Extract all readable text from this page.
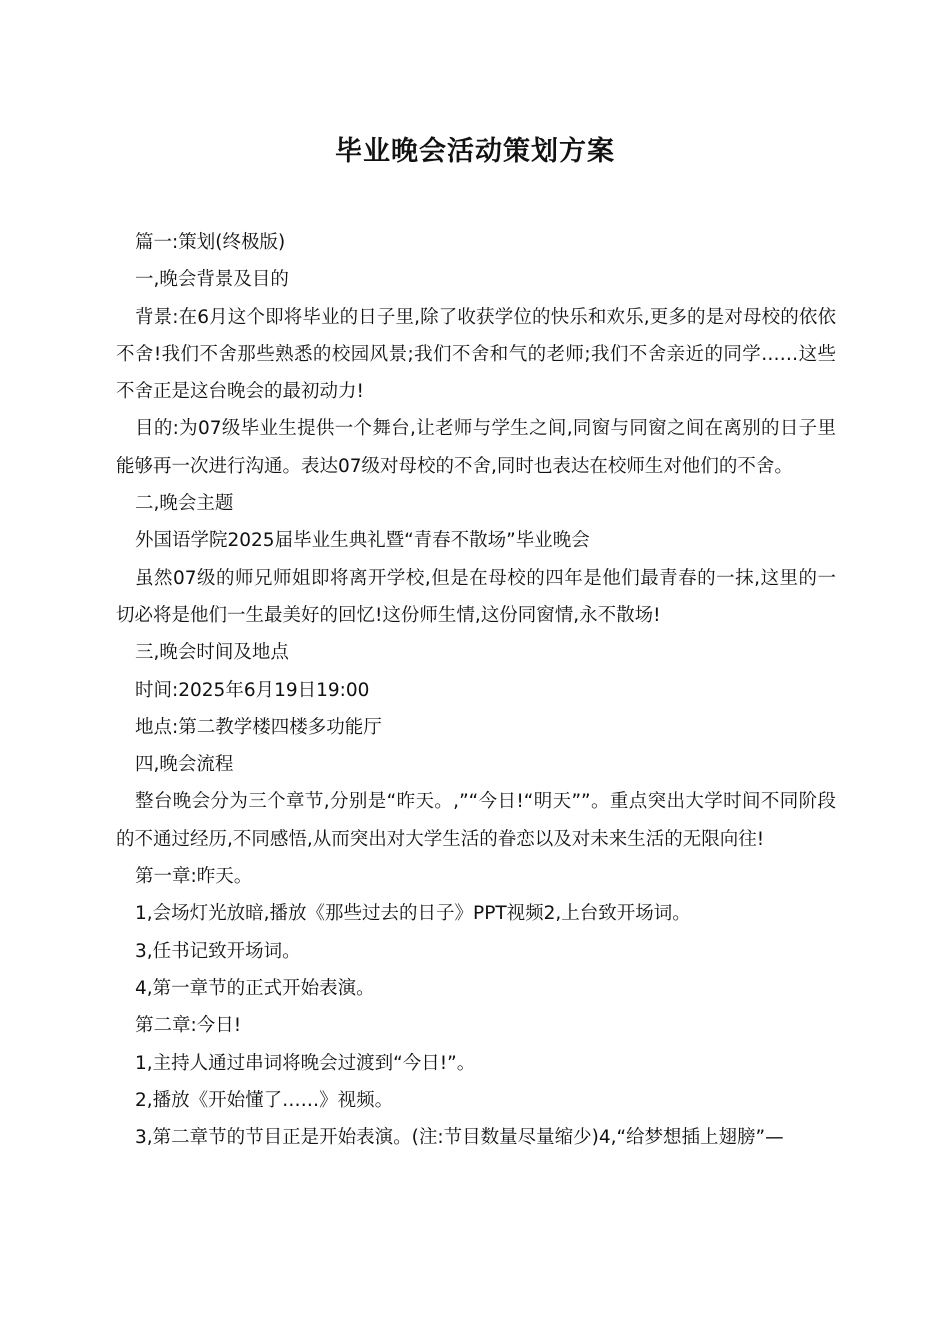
毕业晚会活动策划方案

篇一:策划(终极版)

一,晚会背景及目的

背景:在6月这个即将毕业的日子里,除了收获学位的快乐和欢乐,更多的是对母校的依依不舍!我们不舍那些熟悉的校园风景;我们不舍和气的老师;我们不舍亲近的同学……这些不舍正是这台晚会的最初动力!

目的:为07级毕业生提供一个舞台,让老师与学生之间,同窗与同窗之间在离别的日子里能够再一次进行沟通。表达07级对母校的不舍,同时也表达在校师生对他们的不舍。

二,晚会主题

外国语学院2025届毕业生典礼暨“青春不散场”毕业晚会

虽然07级的师兄师姐即将离开学校,但是在母校的四年是他们最青春的一抹,这里的一切必将是他们一生最美好的回忆!这份师生情,这份同窗情,永不散场!

三,晚会时间及地点

时间:2025年6月19日19:00

地点:第二教学楼四楼多功能厅

四,晚会流程

整台晚会分为三个章节,分别是“昨天。,”“今日!“明天””。重点突出大学时间不同阶段的不通过经历,不同感悟,从而突出对大学生活的眷恋以及对未来生活的无限向往!

第一章:昨天。

1,会场灯光放暗,播放《那些过去的日子》PPT视频2,上台致开场词。

3,任书记致开场词。

4,第一章节的正式开始表演。

第二章:今日!

1,主持人通过串词将晚会过渡到“今日!”。

2,播放《开始懂了……》视频。

3,第二章节的节目正是开始表演。(注:节目数量尽量缩少)4,“给梦想插上翅膀”—
